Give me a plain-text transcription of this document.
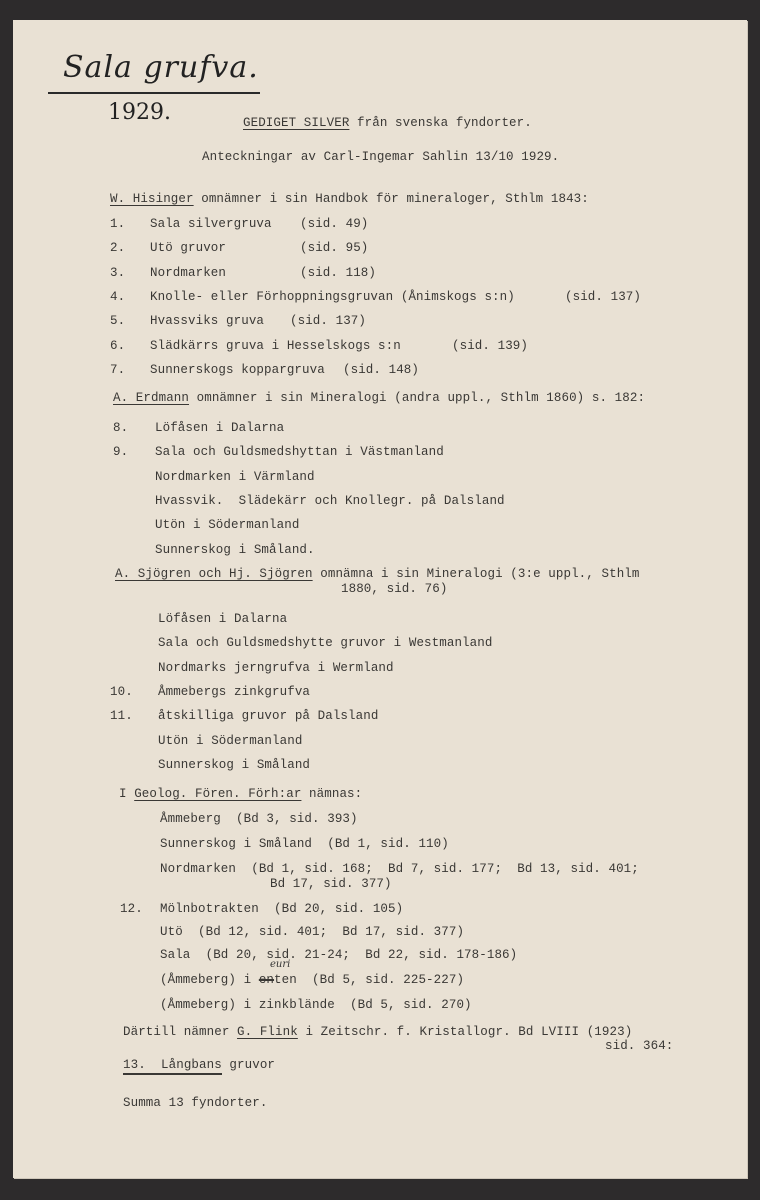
Sala grufva.
1929.	GEDIGET SILVER från svenska fyndorter.
Anteckningar av Carl-Ingemar Sahlin 13/10 1929.
W. Hisinger omnämner i sin Handbok för mineraloger, Sthlm 1843:
1. Sala silvergruva (sid. 49)
2. Utö gruvor	(sid. 95)
3. Nordmarken	(sid. 118)
4. Knolle- eller Förhoppningsgruvan (Ånimskogs s:n)	(sid. 137)
5. Hvassviks gruva (sid. 137)
6. Slädkärrs gruva i Hesselskogs s:n	(sid. 139)
7. Sunnerskogs koppargruva (sid. 148)
A. Erdmann omnämner i sin Mineralogi (andra uppl., Sthlm 1860) s. 182:
8. Löfåsen i Dalarna
9. Sala och Guldsmedshyttan i Västmanland
Nordmarken i Värmland
Hvassvik.  Slädekärr och Knollegr. på Dalsland
Utön i Södermanland
Sunnerskog i Småland.
A. Sjögren och Hj. Sjögren omnämna i sin Mineralogi (3:e uppl., Sthlm
1880, sid. 76)
Löfåsen i Dalarna
Sala och Guldsmedshytte gruvor i Westmanland
Nordmarks jerngrufva i Wermland
10. Åmmebergs zinkgrufva
11. åtskilliga gruvor på Dalsland
Utön i Södermanland
Sunnerskog i Småland
I Geolog. Fören. Förh:ar nämnas:
Åmmeberg  (Bd 3, sid. 393)
Sunnerskog i Småland  (Bd 1, sid. 110)
Nordmarken  (Bd 1, sid. 168;  Bd 7, sid. 177;  Bd 13, sid. 401;
Bd 17, sid. 377)
12. Mölnbotrakten  (Bd 20, sid. 105)
Utö  (Bd 12, sid. 401;  Bd 17, sid. 377)
Sala  (Bd 20, sid. 21-24;  Bd 22, sid. 178-186)
(Åmmeberg) i enten  (Bd 5, sid. 225-227)
euri
(Åmmeberg) i zinkblände  (Bd 5, sid. 270)
Därtill nämner G. Flink i Zeitschr. f. Kristallogr. Bd LVIII (1923)
sid. 364:
13. Långbans gruvor
Summa 13 fyndorter.
